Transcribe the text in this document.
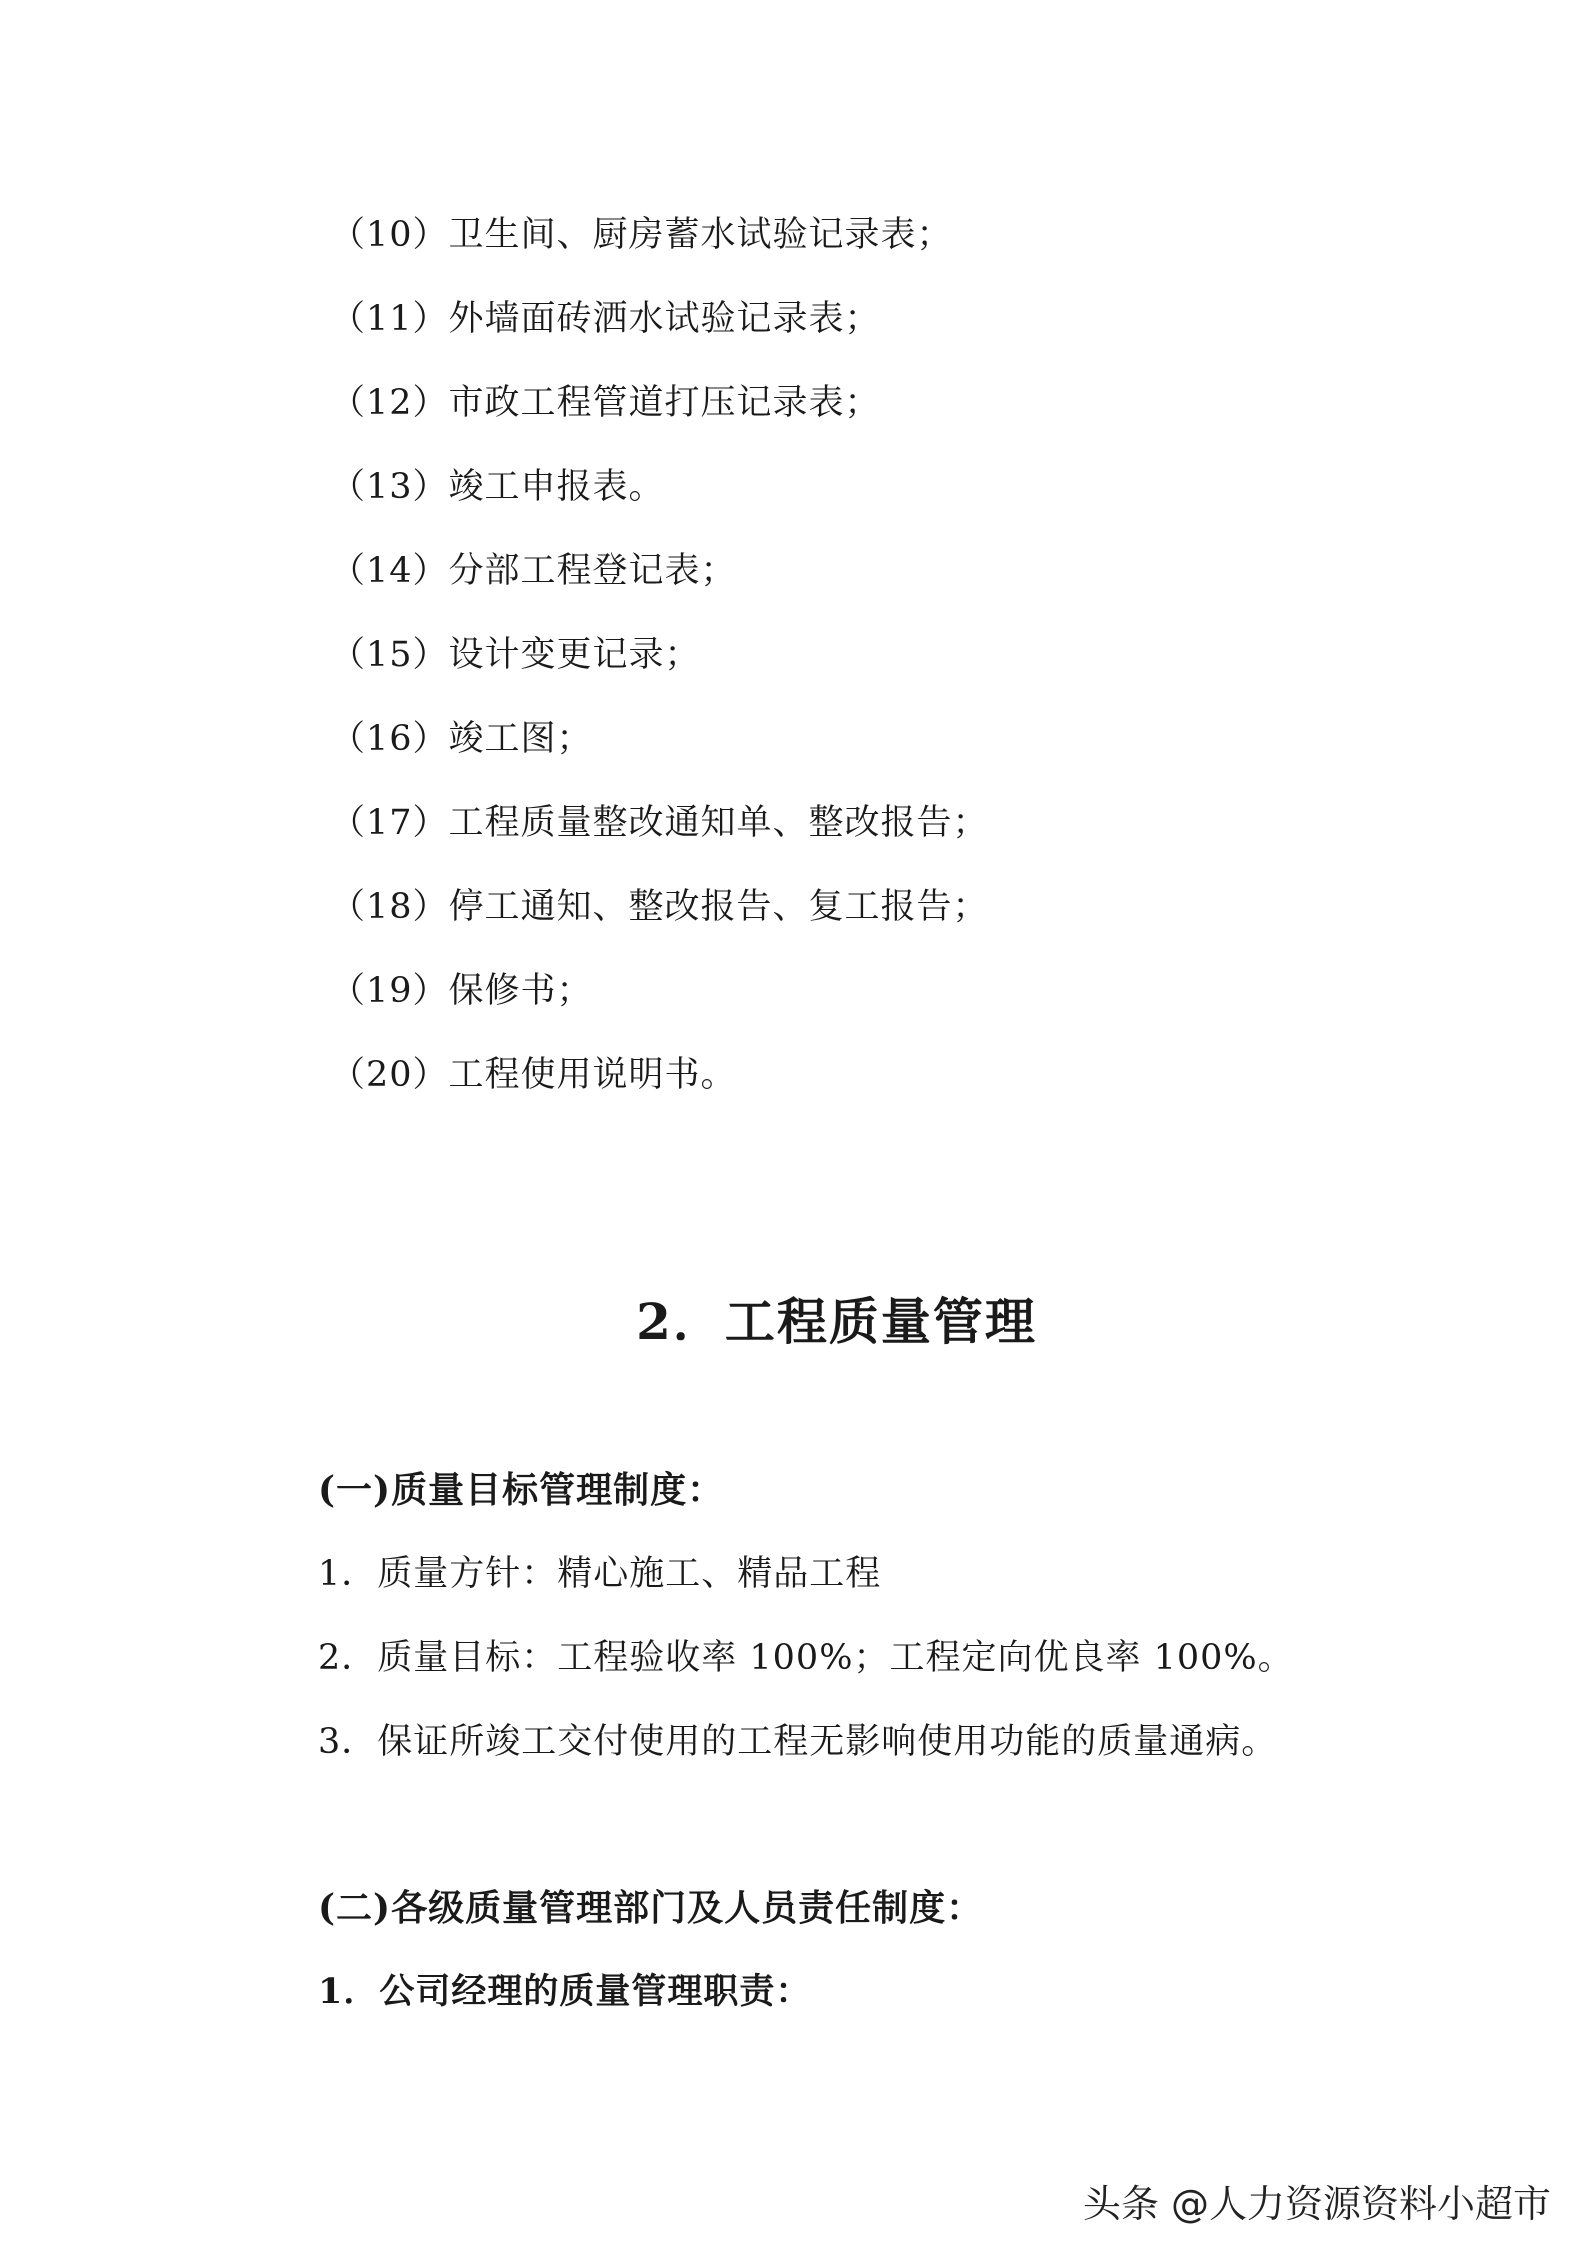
（10）卫生间、厨房蓄水试验记录表；
（11）外墙面砖洒水试验记录表；
（12）市政工程管道打压记录表；
（13）竣工申报表。
（14）分部工程登记表；
（15）设计变更记录；
（16）竣工图；
（17）工程质量整改通知单、整改报告；
（18）停工通知、整改报告、复工报告；
（19）保修书；
（20）工程使用说明书。
2．工程质量管理
(一)质量目标管理制度：
1．质量方针：精心施工、精品工程
2．质量目标：工程验收率 100%；工程定向优良率 100%。
3．保证所竣工交付使用的工程无影响使用功能的质量通病。
(二)各级质量管理部门及人员责任制度：
1．公司经理的质量管理职责：
头条 @人力资源资料小超市
